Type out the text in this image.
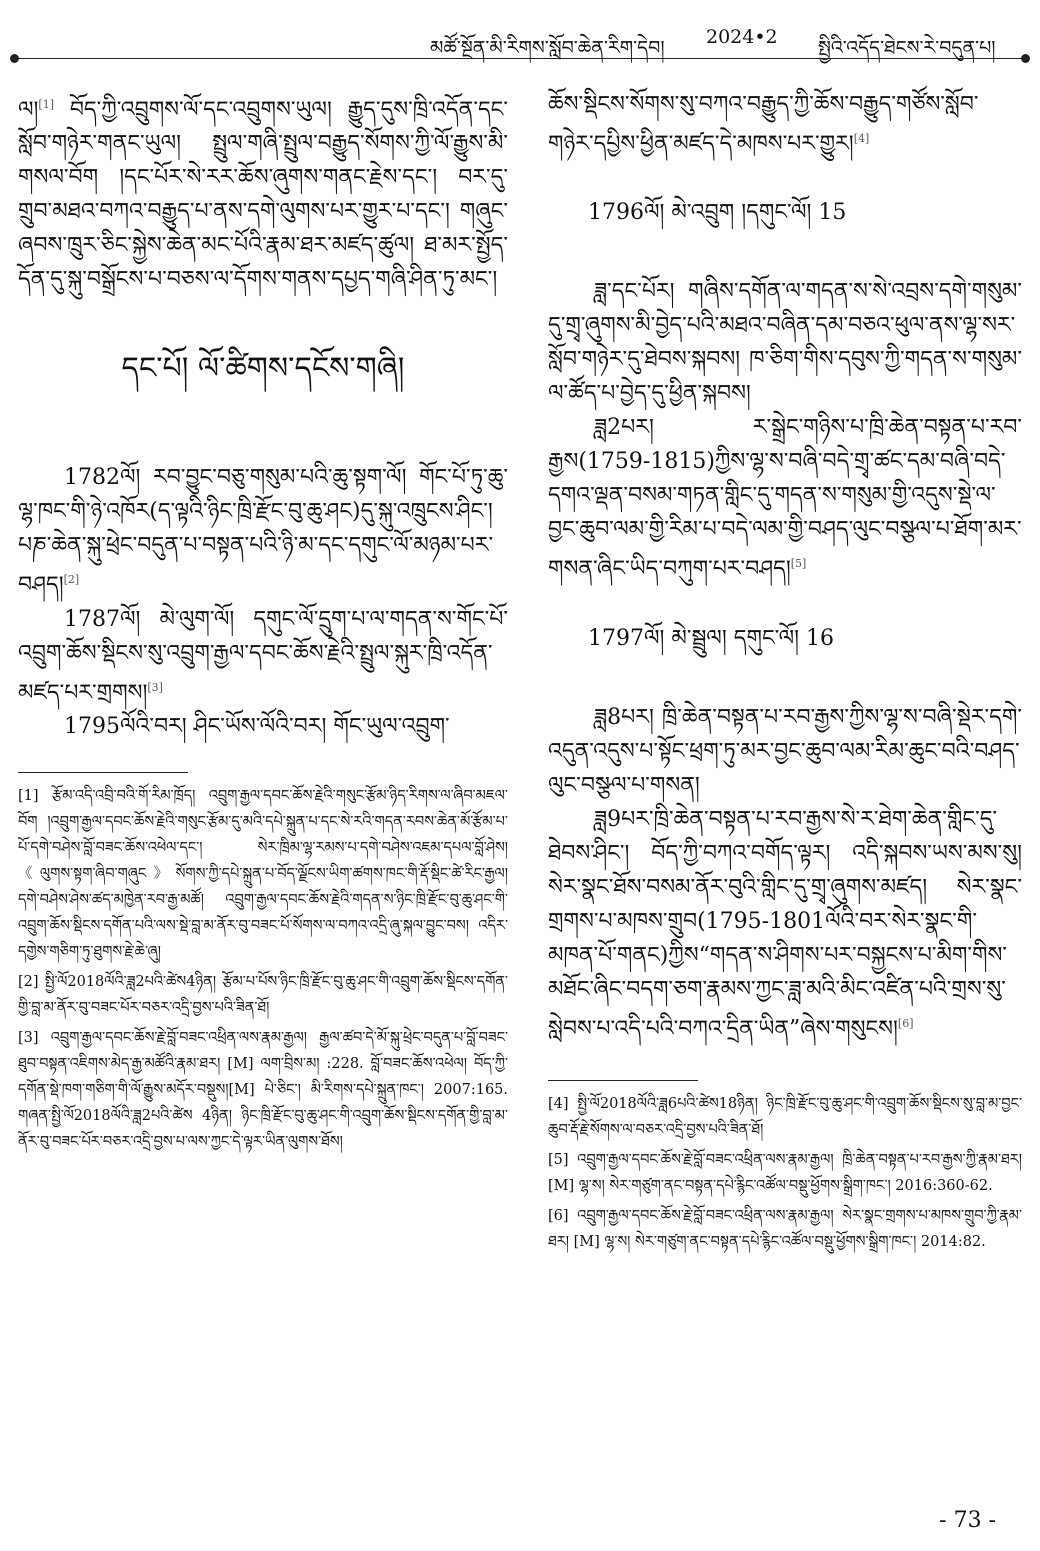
མཚོ་སྔོན་མི་རིགས་སློབ་ཆེན་རིག་དེབ། 2024•2 སྤྱིའི་འདོད་ཐེངས་རེ་བདུན་པ།

ལ།[1] བོད་ཀྱི་འབྲུགས་ལོ་དང་འབྲུགས་ཡུལ། རྒྱུད་དུས་ཁྲི་འདོན་དང་སློབ་གཉེར་གནང་ཡུལ། སྤྲུལ་གཞི་སྤྲུལ་བརྒྱུད་སོགས་ཀྱི་ལོ་རྒྱུས་མི་གསལ་བོག །དང་པོར་སེ་རར་ཆོས་ཞུགས་གནང་རྗེས་དང་། བར་དུ་གྲུབ་མཐའ་བཀའ་བརྒྱུད་པ་ནས་དགེ་ལུགས་པར་གྱུར་པ་དང་། གཞུང་ཞབས་ཁྲུར་ཅིང་སྐྱེས་ཆེན་མང་པོའི་རྣམ་ཐར་མཛད་ཚུལ། ཐ་མར་སྤྱོད་དོན་དུ་སྐུ་བསྒྲོངས་པ་བཅས་ལ་དོགས་གནས་དཔྱད་གཞི་ཤིན་ཏུ་མང་།

དང་པོ། ལོ་ཚིགས་དངོས་གཞི།

1782ལོ། རབ་བྱུང་བཅུ་གསུམ་པའི་ཆུ་སྟག་ལོ། གོང་པོ་ཏུ་ཆུ་ལྷ་ཁང་གི་ཉེ་འཁོར(ད་ལྟའི་ཉིང་ཁྲི་རྫོང་བུ་ཆུ་ཤང)དུ་སྐུ་འཁྲུངས་ཤིང་། པཎ་ཆེན་སྐུ་ཕྲེང་བདུན་པ་བསྟན་པའི་ཉི་མ་དང་དགུང་ལོ་མཉམ་པར་བཤད།[2]

1787ལོ། མེ་ལུག་ལོ། དགུང་ལོ་དྲུག་པ་ལ་གདན་ས་གོང་པོ་འབྲུག་ཆོས་སྡིངས་སུ་འབྲུག་རྒྱལ་དབང་ཆོས་རྗེའི་སྤྲུལ་སྐུར་ཁྲི་འདོན་མཛད་པར་གྲགས།[3]

1795ལོའི་བར། ཤིང་ཡོས་ལོའི་བར། གོང་ཡུལ་འབྲུག་

[1] རྩོམ་འདི་འབྲི་བའི་གོ་རིམ་ཁྲོད། འབྲུག་རྒྱལ་དབང་ཆོས་རྗེའི་གསུང་རྩོམ་ཉིད་རིགས་ལ་ཞིབ་མཇལ་བོག །འབྲུག་རྒྱལ་དབང་ཆོས་རྗེའི་གསུང་རྩོམ་དུ་མའི་དཔེ་སྐྲུན་པ་དང་སེ་རའི་གདན་རབས་ཆེན་མོ་རྩོམ་པ་པོ་དགེ་བཤེས་བློ་བཟང་ཆོས་འཕེལ་དང་། སེར་ཁྲིམ་ལྷ་རམས་པ་དགེ་བཤེས་འཇམ་དཔལ་བློ་ཤེས། 《ལུགས་སྟག་ཞིབ་གཞུང》སོགས་ཀྱི་དཔེ་སྐྲུན་པ་བོད་ལྗོངས་ཡིག་ཚགས་ཁང་གི་རྡོ་སྡིང་ཚེ་རིང་རྒྱལ། དགེ་བཤེས་ཤེས་ཚད་མཁྱེན་རབ་རྒྱ་མཚོ། འབྲུག་རྒྱལ་དབང་ཆོས་རྗེའི་གདན་ས་ཉིང་ཁྲི་རྫོང་བུ་ཆུ་ཤང་གི་འབྲུག་ཆོས་སྡིངས་དགོན་པའི་ལས་སྡེ་བླ་མ་ནོར་བུ་བཟང་པོ་སོགས་ལ་བཀའ་འདྲི་ཞུ་སྐལ་བྱུང་བས། འདིར་དགྱེས་གཅིག་ཏུ་ཐུགས་རྗེ་ཆེ་ཞུ།

[2] སྤྱི་ལོ2018ལོའི་ཟླ2པའི་ཚེས4ཉིན། རྩོམ་པ་པོས་ཉིང་ཁྲི་རྫོང་བུ་ཆུ་ཤང་གི་འབྲུག་ཆོས་སྡིངས་དགོན་གྱི་བླ་མ་ནོར་བུ་བཟང་པོར་བཅར་འདྲི་བྱས་པའི་ཟིན་ཐོ།

[3] འབྲུག་རྒྱལ་དབང་ཆོས་རྗེ་བློ་བཟང་འཕྲིན་ལས་རྣམ་རྒྱལ། རྒྱལ་ཚབ་དེ་མོ་སྐུ་ཕྲེང་བདུན་པ་བློ་བཟང་ཐུབ་བསྟན་འཇིགས་མེད་རྒྱ་མཚོའི་རྣམ་ཐར། [M] ལག་བྲིས་མ། :228. བློ་བཟང་ཆོས་འཕེལ། བོད་ཀྱི་དགོན་སྡེ་ཁག་གཅིག་གི་ལོ་རྒྱུས་མདོར་བསྡུས།[M] པེ་ཅིང་། མི་རིགས་དཔེ་སྐྲུན་ཁང་། 2007:165. གཞན་སྤྱི་ལོ2018ལོའི་ཟླ2པའི་ཚེས 4ཉིན། ཉིང་ཁྲི་རྫོང་བུ་ཆུ་ཤང་གི་འབྲུག་ཆོས་སྡིངས་དགོན་གྱི་བླ་མ་ནོར་བུ་བཟང་པོར་བཅར་འདྲི་བྱས་པ་ལས་ཀྱང་དེ་ལྟར་ཡིན་ལུགས་ཐོས།

ཆོས་སྡིངས་སོགས་སུ་བཀའ་བརྒྱུད་ཀྱི་ཆོས་བརྒྱུད་གཙོས་སློབ་གཉེར་དཔྱིས་ཕྱིན་མཛད་དེ་མཁས་པར་གྱུར།[4]

1796ལོ། མེ་འབྲུག །དགུང་ལོ། 15

ཟླ་དང་པོར། གཞིས་དགོན་ལ་གདན་ས་སེ་འབྲས་དགེ་གསུམ་དུ་གྲྭ་ཞུགས་མི་བྱེད་པའི་མཐའ་བཞིན་དམ་བཅའ་ཕུལ་ནས་ལྷ་སར་སློབ་གཉེར་དུ་ཐེབས་སྐབས། ཁ་ཅིག་གིས་དབུས་ཀྱི་གདན་ས་གསུམ་ལ་ཚོད་པ་བྱེད་དུ་ཕྱིན་སྐབས།

ཟླ2པར། ར་སྒྲེང་གཉིས་པ་ཁྲི་ཆེན་བསྟན་པ་རབ་རྒྱས(1759-1815)ཀྱིས་ལྷ་ས་བཞི་བདེ་གྲྭ་ཚང་དམ་བཞི་བདེ་དགའ་ལྡན་བསམ་གཏན་གླིང་དུ་གདན་ས་གསུམ་གྱི་འདུས་སྡེ་ལ་བྱང་ཆུབ་ལམ་གྱི་རིམ་པ་བདེ་ལམ་གྱི་བཤད་ལུང་བསྩལ་པ་ཐོག་མར་གསན་ཞིང་ཡིད་བཀུག་པར་བཤད།[5]

1797ལོ། མེ་སྦྲུལ། དགུང་ལོ། 16

ཟླ8པར། ཁྲི་ཆེན་བསྟན་པ་རབ་རྒྱས་ཀྱིས་ལྷ་ས་བཞི་སྡེར་དགེ་འདུན་འདུས་པ་སྟོང་ཕྲག་ཏུ་མར་བྱང་ཆུབ་ལམ་རིམ་ཆུང་བའི་བཤད་ལུང་བསྩལ་པ་གསན།

ཟླ9པར་ཁྲི་ཆེན་བསྟན་པ་རབ་རྒྱས་སེ་ར་ཐེག་ཆེན་གླིང་དུ་ཐེབས་ཤིང་། བོད་ཀྱི་བཀའ་བགོད་ལྟར། འདི་སྐབས་ཡས་མས་སུ། སེར་སྣང་ཐོས་བསམ་ནོར་བུའི་གླིང་དུ་གྲྭ་ཞུགས་མཛད། སེར་སྣང་གྲགས་པ་མཁས་གྲུབ(1795-1801ལོའི་བར་སེར་སྣང་གི་མཁན་པོ་གནང)ཀྱིས“གདན་ས་ཤིགས་པར་བསྐྱངས་པ་མིག་གིས་མཐོང་ཞིང་བདག་ཅག་རྣམས་ཀྱང་ཟླ་མའི་མིང་འཛིན་པའི་གྲས་སུ་སླེབས་པ་འདི་པའི་བཀའ་དྲིན་ཡིན”ཞེས་གསུངས།[6]

[4] སྤྱི་ལོ2018ལོའི་ཟླ6པའི་ཚེས18ཉིན། ཉིང་ཁྲི་རྫོང་བུ་ཆུ་ཤང་གི་འབྲུག་ཆོས་སྡིངས་སུ་བླ་མ་བྱང་ཆུབ་རྡོ་རྗེ་སོགས་ལ་བཅར་འདྲི་བྱས་པའི་ཟིན་ཐོ།

[5] འབྲུག་རྒྱལ་དབང་ཆོས་རྗེ་བློ་བཟང་འཕྲིན་ལས་རྣམ་རྒྱལ། ཁྲི་ཆེན་བསྟན་པ་རབ་རྒྱས་ཀྱི་རྣམ་ཐར། [M] ལྷ་ས། སེར་གཙུག་ནང་བསྟན་དཔེ་རྙིང་འཚོལ་བསྡུ་ཕྱོགས་སྒྲིག་ཁང་། 2016:360-62.

[6] འབྲུག་རྒྱལ་དབང་ཆོས་རྗེ་བློ་བཟང་འཕྲིན་ལས་རྣམ་རྒྱལ། སེར་སྣང་གྲགས་པ་མཁས་གྲུབ་ཀྱི་རྣམ་ཐར། [M] ལྷ་ས། སེར་གཙུག་ནང་བསྟན་དཔེ་རྙིང་འཚོལ་བསྡུ་ཕྱོགས་སྒྲིག་ཁང་། 2014:82.

- 73 -
